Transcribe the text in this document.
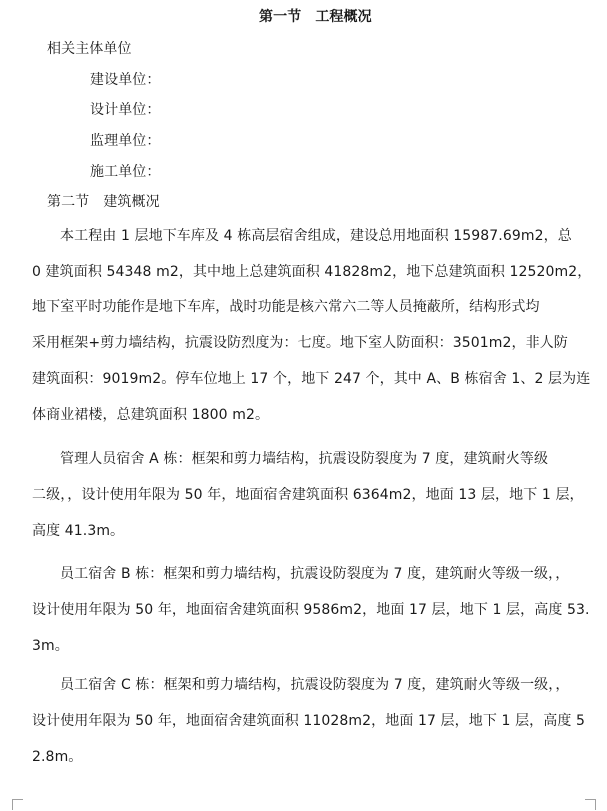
第一节 工程概况
相关主体单位
建设单位：
设计单位：
监理单位：
施工单位：
第二节 建筑概况
本工程由 1 层地下车库及 4 栋高层宿舍组成，建设总用地面积 15987.69m2，总
0 建筑面积 54348 m2，其中地上总建筑面积 41828m2，地下总建筑面积 12520m2，
地下室平时功能作是地下车库，战时功能是核六常六二等人员掩蔽所，结构形式均
采用框架+剪力墙结构，抗震设防烈度为：七度。地下室人防面积：3501m2，非人防
建筑面积：9019m2。停车位地上 17 个，地下 247 个，其中 A、B 栋宿舍 1、2 层为连
体商业裙楼，总建筑面积 1800 m2。
管理人员宿舍 A 栋：框架和剪力墙结构，抗震设防裂度为 7 度，建筑耐火等级
二级，，设计使用年限为 50 年，地面宿舍建筑面积 6364m2，地面 13 层，地下 1 层，
高度 41.3m。
员工宿舍 B 栋：框架和剪力墙结构，抗震设防裂度为 7 度，建筑耐火等级一级，，
设计使用年限为 50 年，地面宿舍建筑面积 9586m2，地面 17 层，地下 1 层，高度 53.
3m。
员工宿舍 C 栋：框架和剪力墙结构，抗震设防裂度为 7 度，建筑耐火等级一级，，
设计使用年限为 50 年，地面宿舍建筑面积 11028m2，地面 17 层，地下 1 层，高度 5
2.8m。
